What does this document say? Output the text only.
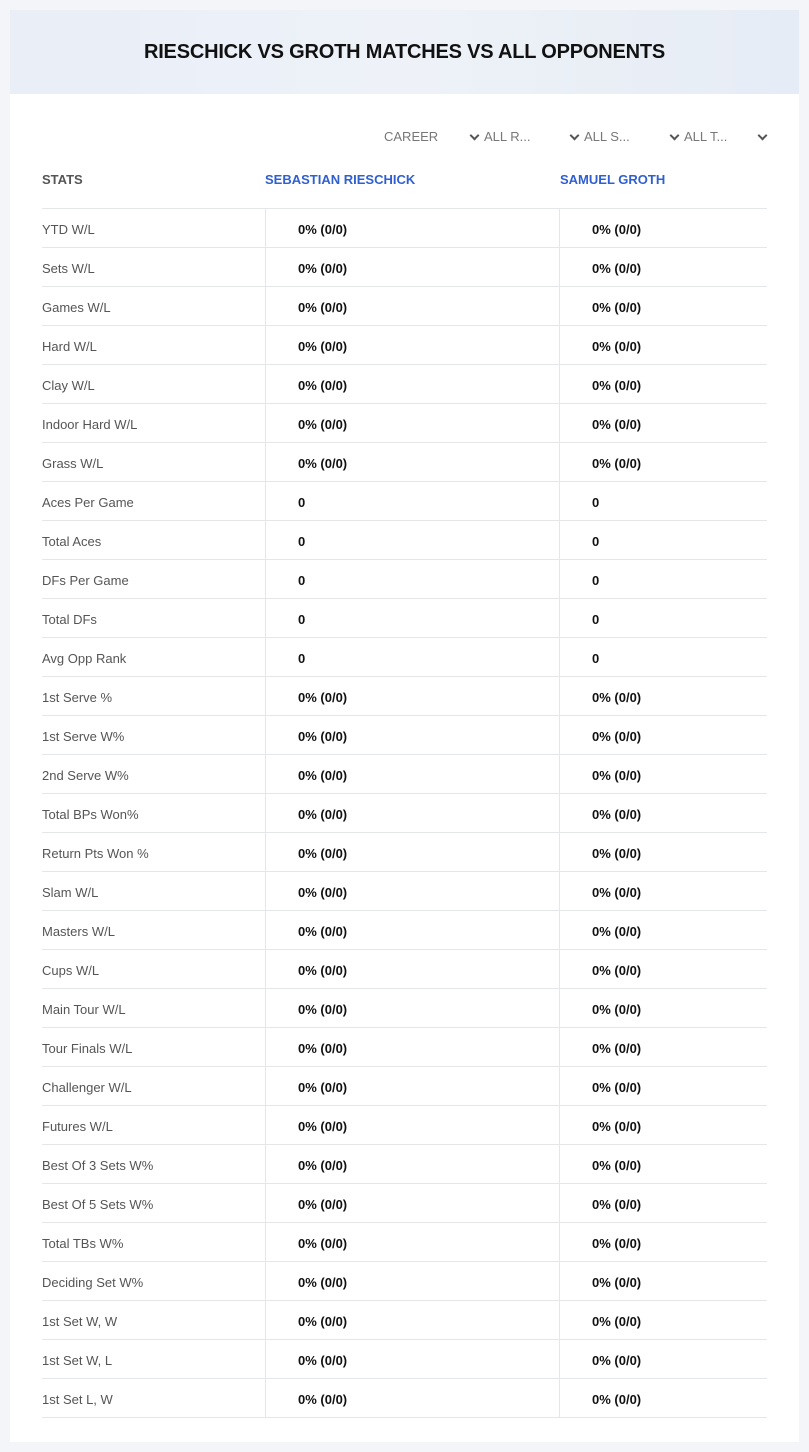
RIESCHICK VS GROTH MATCHES VS ALL OPPONENTS
CAREER	ALL R...	ALL S...	ALL T...
STATS	SEBASTIAN RIESCHICK	SAMUEL GROTH
YTD W/L	0% (0/0)	0% (0/0)
Sets W/L	0% (0/0)	0% (0/0)
Games W/L	0% (0/0)	0% (0/0)
Hard W/L	0% (0/0)	0% (0/0)
Clay W/L	0% (0/0)	0% (0/0)
Indoor Hard W/L	0% (0/0)	0% (0/0)
Grass W/L	0% (0/0)	0% (0/0)
Aces Per Game	0	0
Total Aces	0	0
DFs Per Game	0	0
Total DFs	0	0
Avg Opp Rank	0	0
1st Serve %	0% (0/0)	0% (0/0)
1st Serve W%	0% (0/0)	0% (0/0)
2nd Serve W%	0% (0/0)	0% (0/0)
Total BPs Won%	0% (0/0)	0% (0/0)
Return Pts Won %	0% (0/0)	0% (0/0)
Slam W/L	0% (0/0)	0% (0/0)
Masters W/L	0% (0/0)	0% (0/0)
Cups W/L	0% (0/0)	0% (0/0)
Main Tour W/L	0% (0/0)	0% (0/0)
Tour Finals W/L	0% (0/0)	0% (0/0)
Challenger W/L	0% (0/0)	0% (0/0)
Futures W/L	0% (0/0)	0% (0/0)
Best Of 3 Sets W%	0% (0/0)	0% (0/0)
Best Of 5 Sets W%	0% (0/0)	0% (0/0)
Total TBs W%	0% (0/0)	0% (0/0)
Deciding Set W%	0% (0/0)	0% (0/0)
1st Set W, W	0% (0/0)	0% (0/0)
1st Set W, L	0% (0/0)	0% (0/0)
1st Set L, W	0% (0/0)	0% (0/0)
